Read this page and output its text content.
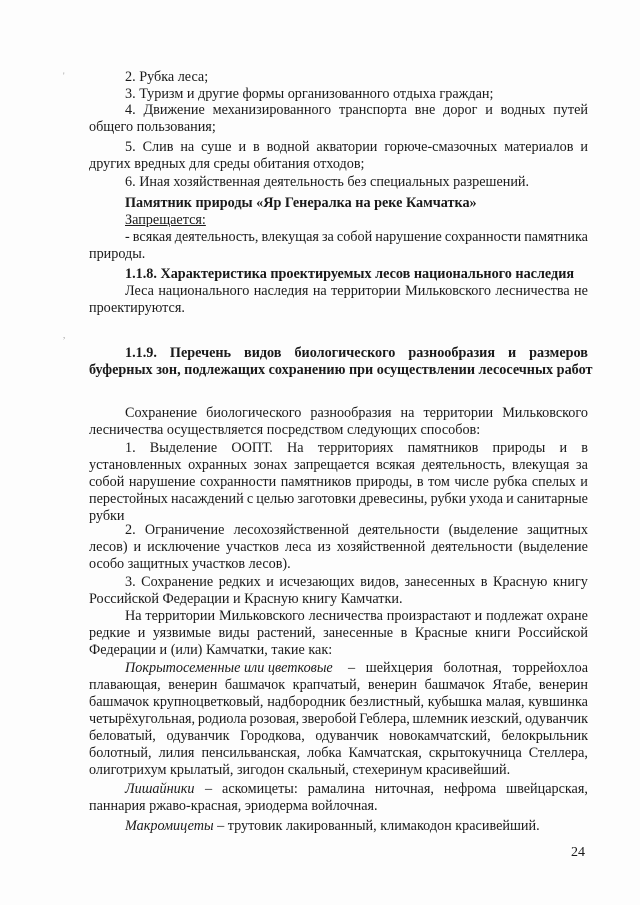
'
,
2. Рубка леса;
3. Туризм и другие формы организованного отдыха граждан;
4. Движение механизированного транспорта вне дорог и водных путей
общего пользования;
5. Слив на суше и в водной акватории горюче-смазочных материалов и
других вредных для среды обитания отходов;
6. Иная хозяйственная деятельность без специальных разрешений.
Памятник природы «Яр Генералка на реке Камчатка»
Запрещается:
- всякая деятельность, влекущая за собой нарушение сохранности памятника
природы.
1.1.8. Характеристика проектируемых лесов национального наследия
Леса национального наследия на территории Мильковского лесничества не
проектируются.
1.1.9. Перечень видов биологического разнообразия и размеров
буферных зон, подлежащих сохранению при осуществлении лесосечных работ
Сохранение биологического разнообразия на территории Мильковского
лесничества осуществляется посредством следующих способов:
1. Выделение ООПТ. На территориях памятников природы и в
установленных охранных зонах запрещается всякая деятельность, влекущая за
собой нарушение сохранности памятников природы, в том числе рубка спелых и
перестойных насаждений с целью заготовки древесины, рубки ухода и санитарные
рубки
2. Ограничение лесохозяйственной деятельности (выделение защитных
лесов) и исключение участков леса из хозяйственной деятельности (выделение
особо защитных участков лесов).
3. Сохранение редких и исчезающих видов, занесенных в Красную книгу
Российской Федерации и Красную книгу Камчатки.
На территории Мильковского лесничества произрастают и подлежат охране
редкие и уязвимые виды растений, занесенные в Красные книги Российской
Федерации и (или) Камчатки, такие как:
Покрытосеменные или цветковые – шейхцерия болотная, торрейохлоа
плавающая, венерин башмачок крапчатый, венерин башмачок Ятабе, венерин
башмачок крупноцветковый, надбородник безлистный, кубышка малая, кувшинка
четырёхугольная, родиола розовая, зверобой Геблера, шлемник иезский, одуванчик
беловатый, одуванчик Городкова, одуванчик новокамчатский, белокрыльник
болотный, лилия пенсильванская, лобка Камчатская, скрытокучница Стеллера,
олиготрихум крылатый, зигодон скальный, стехеринум красивейший.
Лишайники – аскомицеты: рамалина ниточная, нефрома швейцарская,
паннария ржаво-красная, эриодерма войлочная.
Макромицеты – трутовик лакированный, климакодон красивейший.
24
